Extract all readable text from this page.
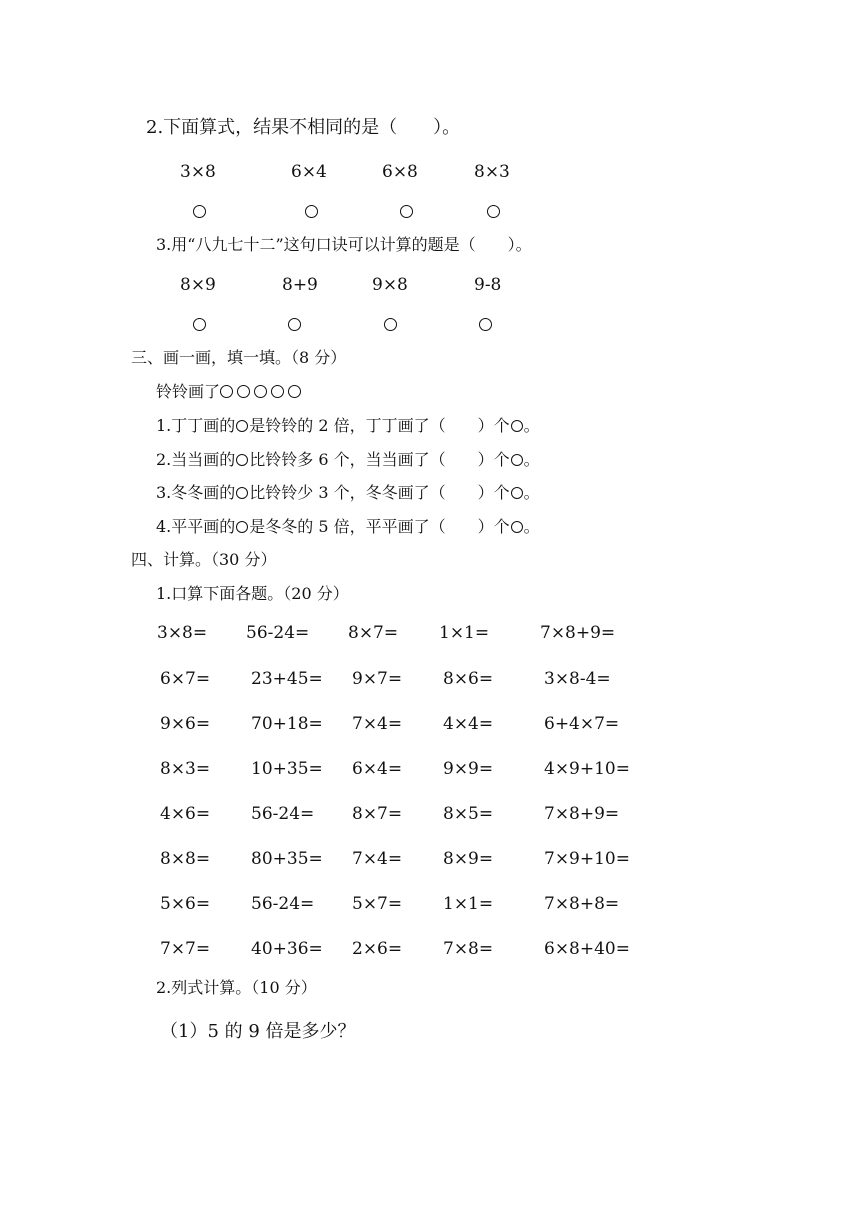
2.下面算式，结果不相同的是（　　）。
3×8	6×4	6×8	8×3
3.用“八九七十二”这句口诀可以计算的题是（　　）。
8×9	8+9	9×8	9-8
三、画一画，填一填。（8 分）
铃铃画了
1.丁丁画的 是铃铃的 2 倍，丁丁画了（　　）个 。
2.当当画的 比铃铃多 6 个，当当画了（　　）个 。
3.冬冬画的 比铃铃少 3 个，冬冬画了（　　）个 。
4.平平画的 是冬冬的 5 倍，平平画了（　　）个 。
四、计算。（30 分）
1.口算下面各题。（20 分）
3×8= 56-24= 8×7= 1×1=	7×8+9=
6×7= 23+45= 9×7= 8×6=	3×8-4=
9×6= 70+18= 7×4= 4×4=	6+4×7=
8×3= 10+35= 6×4= 9×9=	4×9+10=
4×6= 56-24= 8×7= 8×5=	7×8+9=
8×8= 80+35= 7×4= 8×9=	7×9+10=
5×6= 56-24= 5×7= 1×1=	7×8+8=
7×7= 40+36= 2×6= 7×8=	6×8+40=
2.列式计算。（10 分）
（1）5 的 9 倍是多少？
